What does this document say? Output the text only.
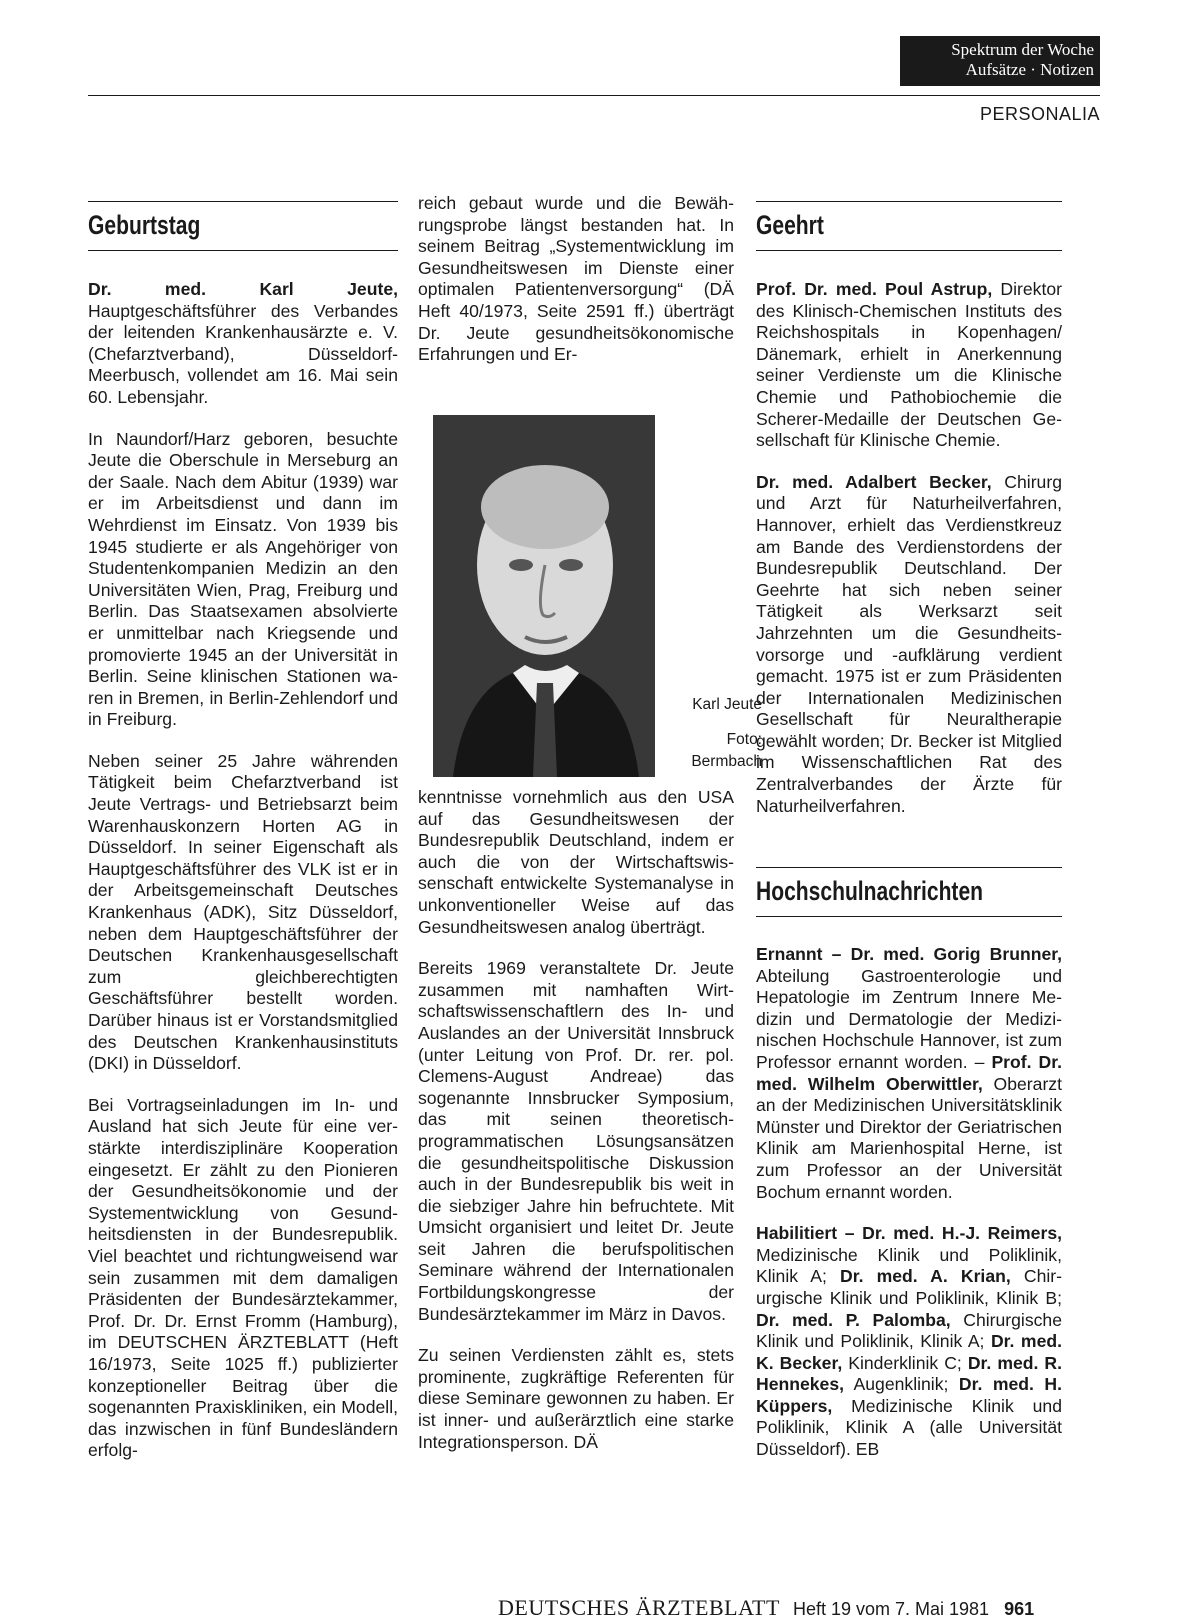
Spektrum der Woche
Aufsätze · Notizen
PERSONALIA
Geburtstag

Dr. med. Karl Jeute, Hauptgeschäftsführer des Verbandes der leitenden Krankenhausärzte e. V. (Chefarztverband), Düsseldorf-Meerbusch, vollendet am 16. Mai sein 60. Lebensjahr.

In Naundorf/Harz geboren, besuchte Jeute die Oberschule in Merseburg an der Saale. Nach dem Abitur (1939) war er im Arbeitsdienst und dann im Wehrdienst im Einsatz. Von 1939 bis 1945 studierte er als Angehöriger von Studentenkompanien Medizin an den Universitäten Wien, Prag, Freiburg und Berlin. Das Staatsexamen absolvierte er unmittelbar nach Kriegsende und promovierte 1945 an der Universität in Berlin. Seine klinischen Stationen waren in Bremen, in Berlin-Zehlendorf und in Freiburg.

Neben seiner 25 Jahre währenden Tätigkeit beim Chefarztverband ist Jeute Vertrags- und Betriebsarzt beim Warenhauskonzern Horten AG in Düsseldorf. In seiner Eigenschaft als Hauptgeschäftsführer des VLK ist er in der Arbeitsgemeinschaft Deutsches Krankenhaus (ADK), Sitz Düsseldorf, neben dem Hauptgeschäftsführer der Deutschen Krankenhausgesellschaft zum gleichberechtigten Geschäftsführer bestellt worden. Darüber hinaus ist er Vorstandsmitglied des Deutschen Krankenhausinstituts (DKI) in Düsseldorf.

Bei Vortragseinladungen im In- und Ausland hat sich Jeute für eine verstärkte interdisziplinäre Kooperation eingesetzt. Er zählt zu den Pionieren der Gesundheitsökonomie und der Systementwicklung von Gesundheitsdiensten in der Bundesrepublik. Viel beachtet und richtungweisend war sein zusammen mit dem damaligen Präsidenten der Bundesärztekammer, Prof. Dr. Dr. Ernst Fromm (Hamburg), im DEUTSCHEN ÄRZTEBLATT (Heft 16/1973, Seite 1025 ff.) publizierter konzeptioneller Beitrag über die sogenannten Praxiskliniken, ein Modell, das inzwischen in fünf Bundesländern erfolg-

reich gebaut wurde und die Bewährungsprobe längst bestanden hat. In seinem Beitrag „Systementwicklung im Gesundheitswesen im Dienste einer optimalen Patientenversorgung“ (DÄ Heft 40/1973, Seite 2591 ff.) überträgt Dr. Jeute gesundheitsökonomische Erfahrungen und Er-

Karl Jeute
Foto: Bermbach

kenntnisse vornehmlich aus den USA auf das Gesundheitswesen der Bundesrepublik Deutschland, indem er auch die von der Wirtschaftswissenschaft entwickelte Systemanalyse in unkonventioneller Weise auf das Gesundheitswesen analog überträgt.

Bereits 1969 veranstaltete Dr. Jeute zusammen mit namhaften Wirtschaftswissenschaftlern des In- und Auslandes an der Universität Innsbruck (unter Leitung von Prof. Dr. rer. pol. Clemens-August Andreae) das sogenannte Innsbrucker Symposium, das mit seinen theoretisch-programmatischen Lösungsansätzen die gesundheitspolitische Diskussion auch in der Bundesrepublik bis weit in die siebziger Jahre hin befruchtete. Mit Umsicht organisiert und leitet Dr. Jeute seit Jahren die berufspolitischen Seminare während der Internationalen Fortbildungskongresse der Bundesärztekammer im März in Davos.

Zu seinen Verdiensten zählt es, stets prominente, zugkräftige Referenten für diese Seminare gewonnen zu haben. Er ist inner- und außerärztlich eine starke Integrationsperson. DÄ

Geehrt

Prof. Dr. med. Poul Astrup, Direktor des Klinisch-Chemischen Instituts des Reichshospitals in Kopenhagen/ Dänemark, erhielt in Anerkennung seiner Verdienste um die Klinische Chemie und Pathobiochemie die Scherer-Medaille der Deutschen Gesellschaft für Klinische Chemie.

Dr. med. Adalbert Becker, Chirurg und Arzt für Naturheilverfahren, Hannover, erhielt das Verdienstkreuz am Bande des Verdienstordens der Bundesrepublik Deutschland. Der Geehrte hat sich neben seiner Tätigkeit als Werksarzt seit Jahrzehnten um die Gesundheitsvorsorge und -aufklärung verdient gemacht. 1975 ist er zum Präsidenten der Internationalen Medizinischen Gesellschaft für Neuraltherapie gewählt worden; Dr. Becker ist Mitglied im Wissenschaftlichen Rat des Zentralverbandes der Ärzte für Naturheilverfahren.

Hochschulnachrichten

Ernannt – Dr. med. Gorig Brunner, Abteilung Gastroenterologie und Hepatologie im Zentrum Innere Medizin und Dermatologie der Medizinischen Hochschule Hannover, ist zum Professor ernannt worden. – Prof. Dr. med. Wilhelm Oberwittler, Oberarzt an der Medizinischen Universitätsklinik Münster und Direktor der Geriatrischen Klinik am Marienhospital Herne, ist zum Professor an der Universität Bochum ernannt worden.

Habilitiert – Dr. med. H.-J. Reimers, Medizinische Klinik und Poliklinik, Klinik A; Dr. med. A. Krian, Chirurgische Klinik und Poliklinik, Klinik B; Dr. med. P. Palomba, Chirurgische Klinik und Poliklinik, Klinik A; Dr. med. K. Becker, Kinderklinik C; Dr. med. R. Hennekes, Augenklinik; Dr. med. H. Küppers, Medizinische Klinik und Poliklinik, Klinik A (alle Universität Düsseldorf). EB

DEUTSCHES ÄRZTEBLATT Heft 19 vom 7. Mai 1981 961
